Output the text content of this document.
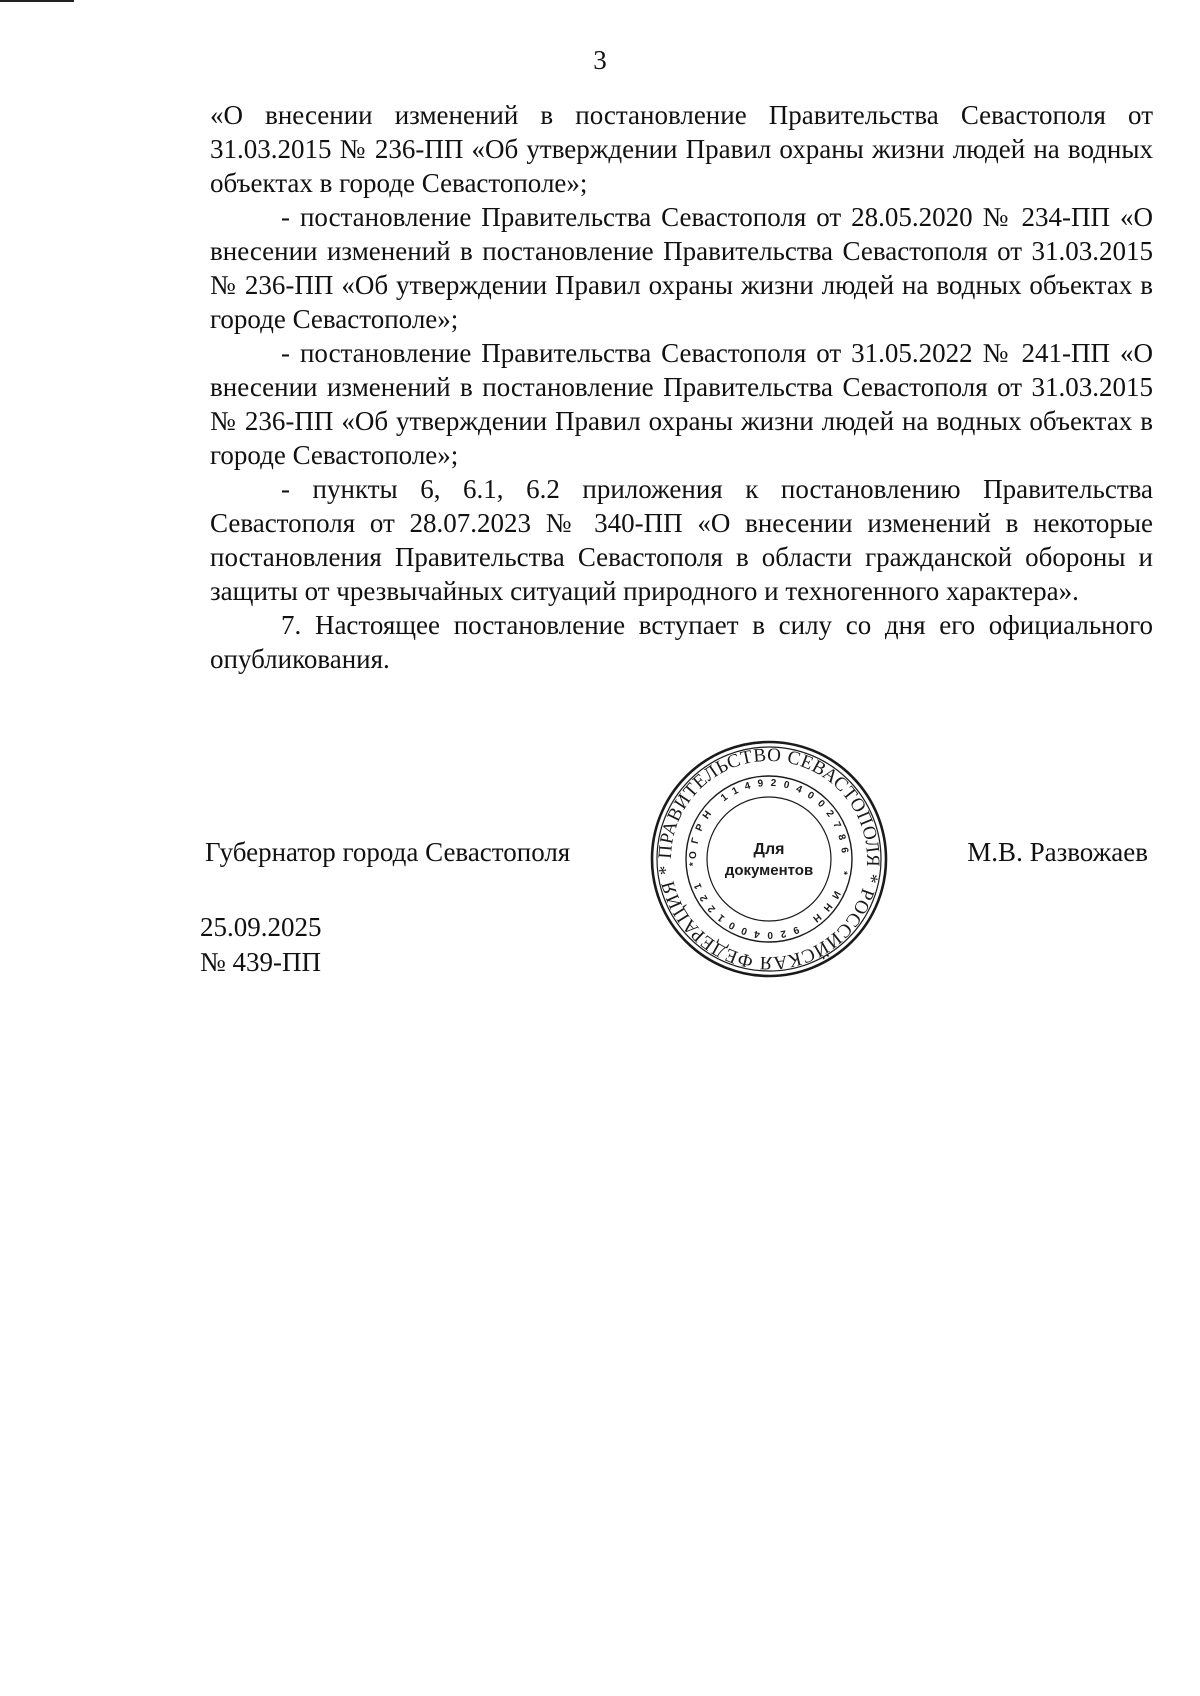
3

«О внесении изменений в постановление Правительства Севастополя от 31.03.2015 № 236-ПП «Об утверждении Правил охраны жизни людей на водных объектах в городе Севастополе»;

- постановление Правительства Севастополя от 28.05.2020 № 234-ПП «О внесении изменений в постановление Правительства Севастополя от 31.03.2015 № 236-ПП «Об утверждении Правил охраны жизни людей на водных объектах в городе Севастополе»;

- постановление Правительства Севастополя от 31.05.2022 № 241-ПП «О внесении изменений в постановление Правительства Севастополя от 31.03.2015 № 236-ПП «Об утверждении Правил охраны жизни людей на водных объектах в городе Севастополе»;

- пункты 6, 6.1, 6.2 приложения к постановлению Правительства Севастополя от 28.07.2023 № 340-ПП «О внесении изменений в некоторые постановления Правительства Севастополя в области гражданской обороны и защиты от чрезвычайных ситуаций природного и техногенного характера».

7. Настоящее постановление вступает в силу со дня его официального опубликования.

Губернатор города Севастополя	М.В. Развожаев
ПРАВИТЕЛЬСТВО СЕВАСТОПОЛЯ * РОССИЙСКАЯ ФЕДЕРАЦИЯ *
ОГРН 1149204002786 * ИНН 9204001221 *
Для
документов
25.09.2025
№ 439-ПП
